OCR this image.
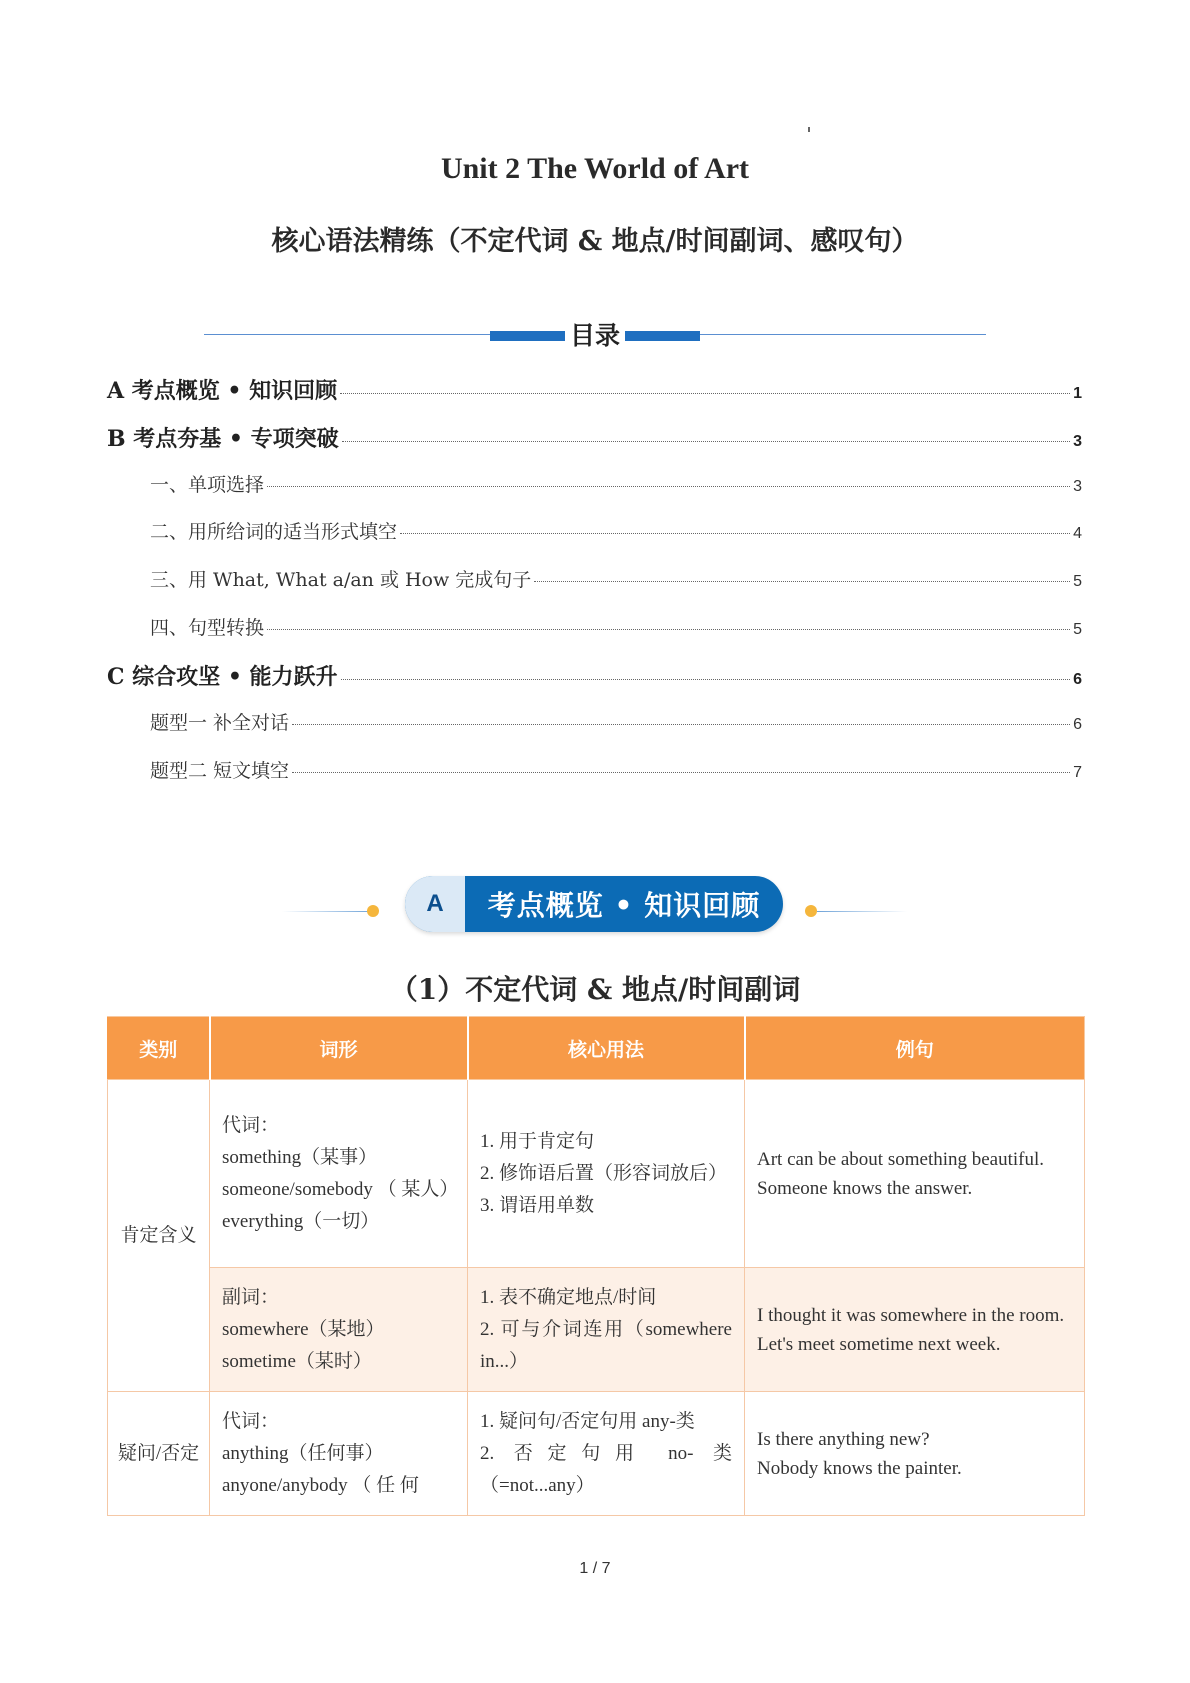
Unit 2 The World of Art
核心语法精练（不定代词 & 地点/时间副词、感叹句）
目录
A 考点概览 • 知识回顾	1
B 考点夯基 • 专项突破	3
一、单项选择	3
二、用所给词的适当形式填空	4
三、用 What, What a/an 或 How 完成句子	5
四、句型转换	5
C 综合攻坚 • 能力跃升	6
题型一 补全对话	6
题型二 短文填空	7
A	考点概览 • 知识回顾
（1）不定代词 & 地点/时间副词
类别	词形	核心用法	例句
肯定含义	代词：
something（某事）
someone/somebody （ 某人）
everything（一切）	1. 用于肯定句
2. 修饰语后置（形容词放后）
3. 谓语用单数	Art can be about something beautiful.
Someone knows the answer.

	副词：
somewhere（某地）
sometime（某时）	1. 表不确定地点/时间
2. 可与介词连用（somewhere in...）	I thought it was somewhere in the room.
Let's meet sometime next week.

疑问/否定	代词：
anything（任何事）
anyone/anybody （ 任 何	1. 疑问句/否定句用 any-类
2. 否定句用 no- 类（=not...any）	Is there anything new?
Nobody knows the painter.
1 / 7
